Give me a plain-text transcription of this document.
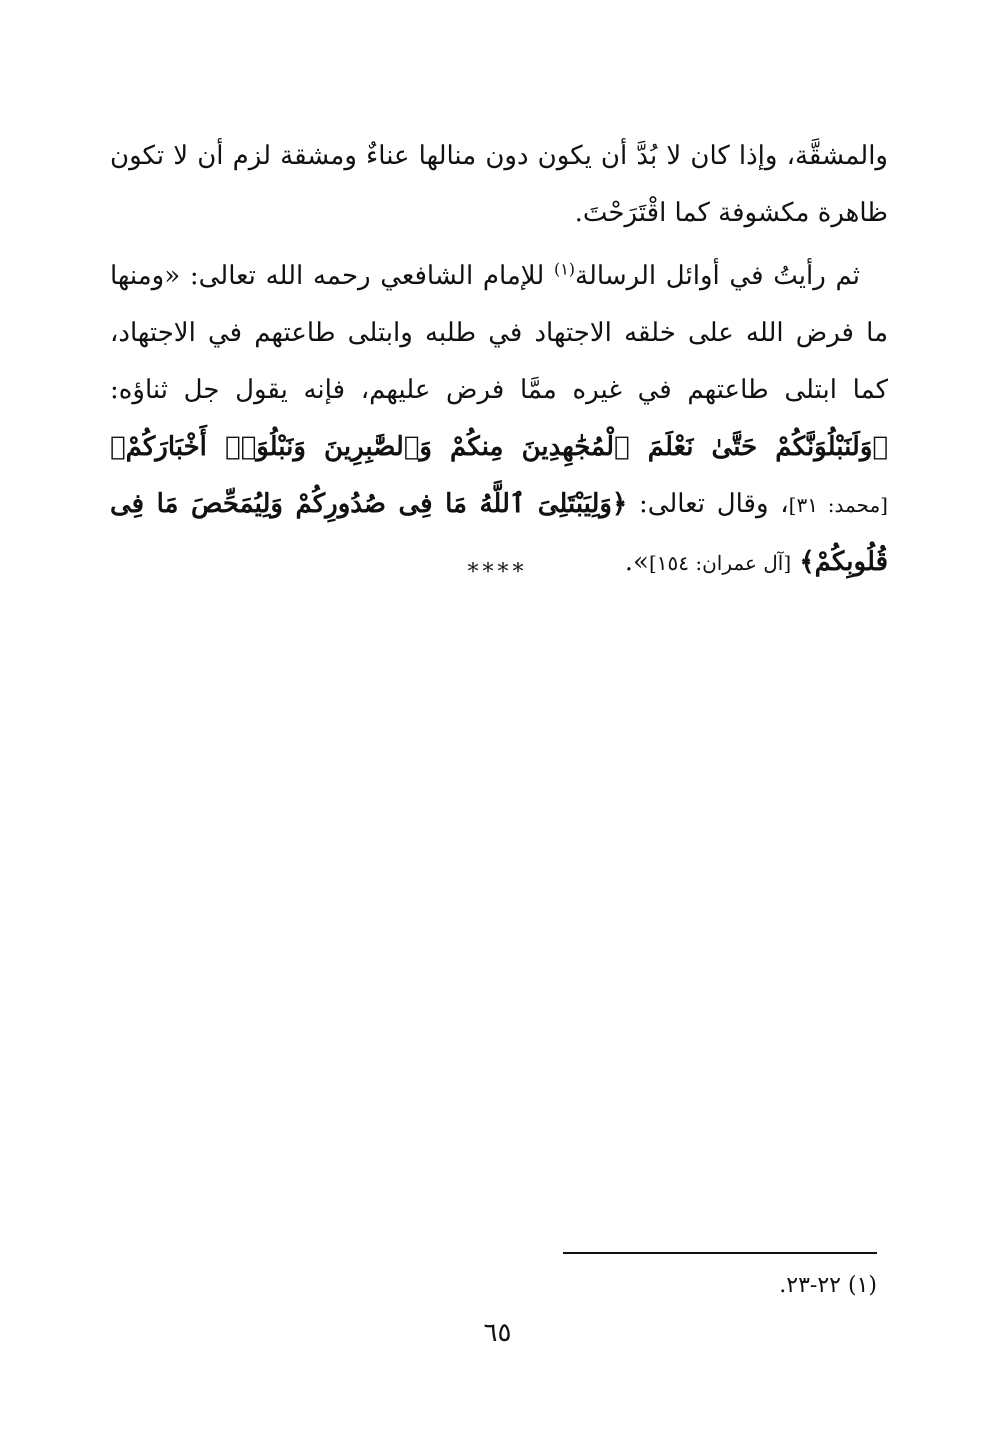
والمشقَّة، وإذا كان لا بُدَّ أن يكون دون منالها عناءٌ ومشقة لزم أن لا تكون ظاهرة مكشوفة كما اقْتَرَحْتَ.

ثم رأيتُ في أوائل الرسالة$^{(١)}$ للإمام الشافعي رحمه الله تعالى: «ومنها ما فرض الله على خلقه الاجتهاد في طلبه وابتلى طاعتهم في الاجتهاد، كما ابتلى طاعتهم في غيره ممَّا فرض عليهم، فإنه يقول جل ثناؤه: ﴿وَلَنَبْلُوَنَّكُمْ حَتَّىٰ نَعْلَمَ ٱلْمُجَٰهِدِينَ مِنكُمْ وَٱلصَّٰبِرِينَ وَنَبْلُوَا۟ أَخْبَارَكُمْ﴾ [محمد: ٣١]، وقال تعالى: ﴿وَلِيَبْتَلِىَ ٱللَّهُ مَا فِى صُدُورِكُمْ وَلِيُمَحِّصَ مَا فِى قُلُوبِكُمْ﴾ [آل عمران: ١٥٤]».

****
(١) ٢٢-٢٣.
٦٥
